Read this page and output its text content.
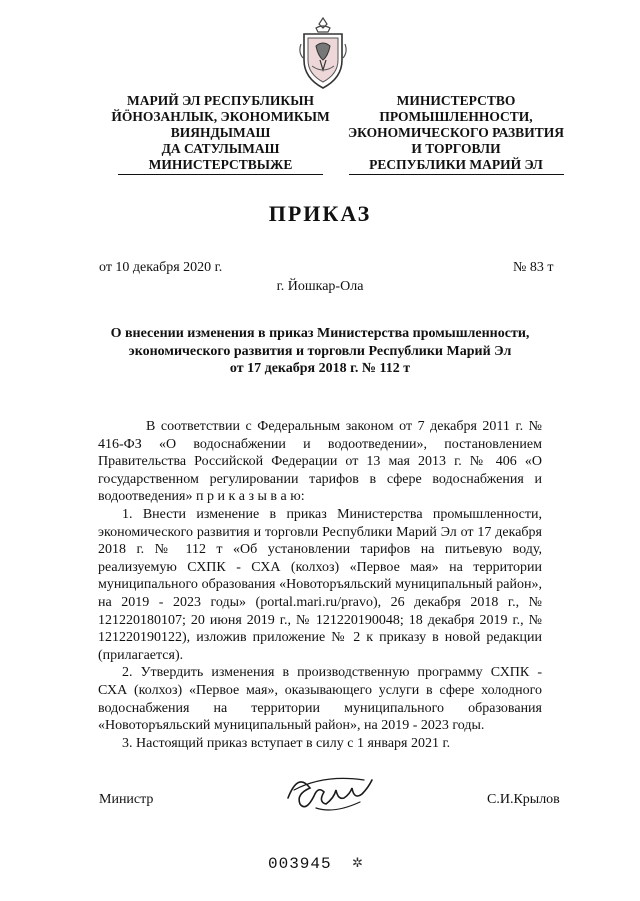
МАРИЙ ЭЛ РЕСПУБЛИКЫН
ЙÖНОЗАНЛЫК, ЭКОНОМИКЫМ
ВИЯНДЫМАШ
ДА САТУЛЫМАШ
МИНИСТЕРСТВЫЖЕ
МИНИСТЕРСТВО
ПРОМЫШЛЕННОСТИ,
ЭКОНОМИЧЕСКОГО РАЗВИТИЯ
И ТОРГОВЛИ
РЕСПУБЛИКИ МАРИЙ ЭЛ
ПРИКАЗ
от 10 декабря 2020 г.	№ 83 т
г. Йошкар-Ола
О внесении изменения в приказ Министерства промышленности,
экономического развития и торговли Республики Марий Эл
от 17 декабря 2018 г. № 112 т

В соответствии с Федеральным законом от 7 декабря 2011 г. № 416-ФЗ «О водоснабжении и водоотведении», постановлением Правительства Российской Федерации от 13 мая 2013 г. № 406 «О государственном регулировании тарифов в сфере водоснабжения и водоотведения» п р и к а з ы в а ю:

1. Внести изменение в приказ Министерства промышленности, экономического развития и торговли Республики Марий Эл от 17 декабря 2018 г. № 112 т «Об установлении тарифов на питьевую воду, реализуемую СХПК - СХА (колхоз) «Первое мая» на территории муниципального образования «Новоторъяльский муниципальный район», на 2019 - 2023 годы» (portal.mari.ru/pravo), 26 декабря 2018 г., № 121220180107; 20 июня 2019 г., № 121220190048; 18 декабря 2019 г., № 121220190122), изложив приложение № 2 к приказу в новой редакции (прилагается).

2. Утвердить изменения в производственную программу СХПК - СХА (колхоз) «Первое мая», оказывающего услуги в сфере холодного водоснабжения на территории муниципального образования «Новоторъяльский муниципальный район», на 2019 - 2023 годы.

3. Настоящий приказ вступает в силу с 1 января 2021 г.

Министр	С.И.Крылов
003945 ✲
